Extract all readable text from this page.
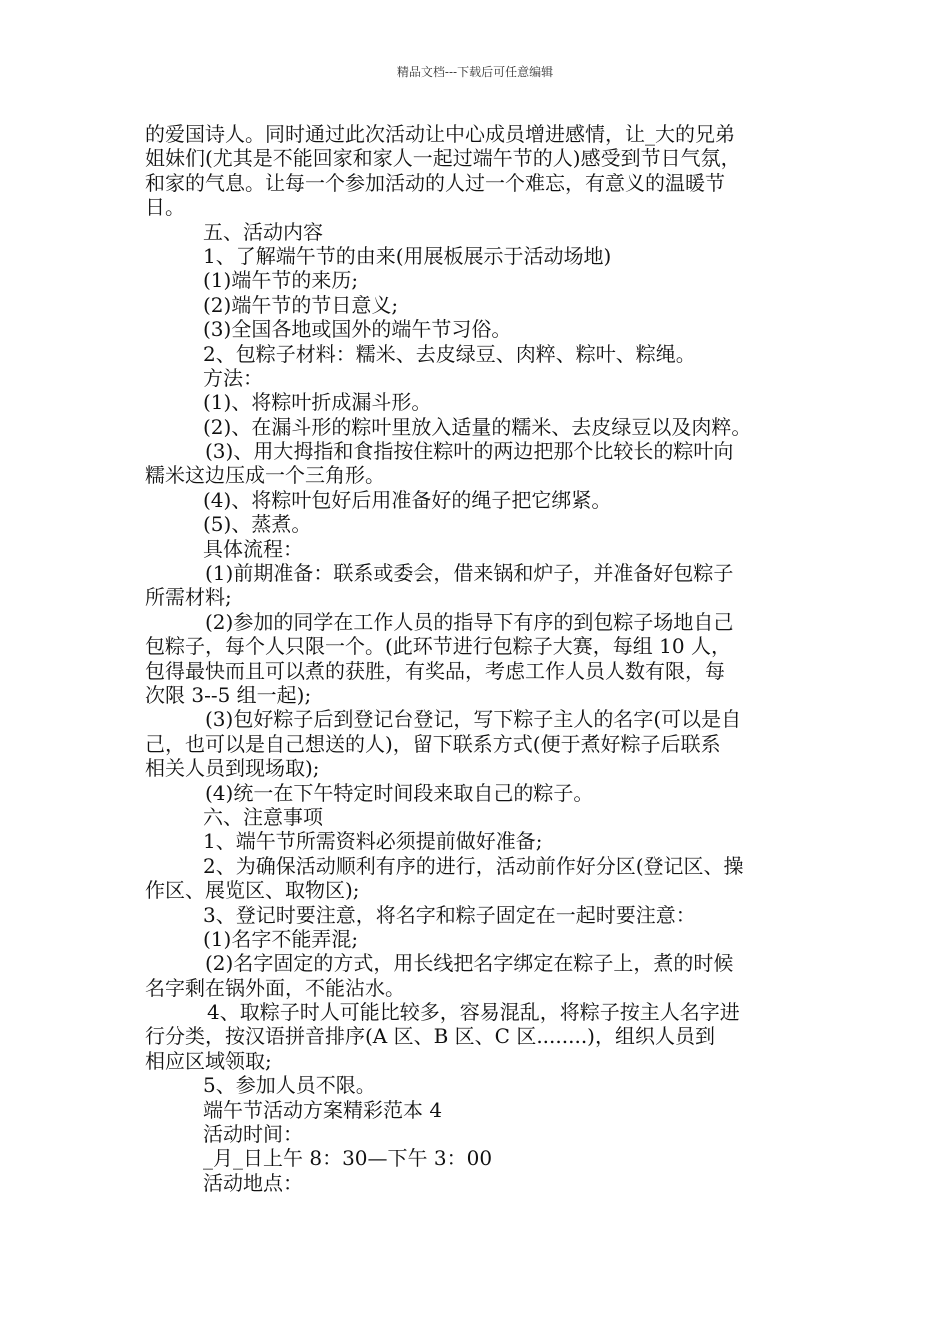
精品文档---下载后可任意编辑
的爱国诗人。同时通过此次活动让中心成员增进感情，让_大的兄弟
姐妹们(尤其是不能回家和家人一起过端午节的人)感受到节日气氛，
和家的气息。让每一个参加活动的人过一个难忘，有意义的温暖节
日。
五、活动内容
1、了解端午节的由来(用展板展示于活动场地)
(1)端午节的来历;
(2)端午节的节日意义;
(3)全国各地或国外的端午节习俗。
2、包粽子材料：糯米、去皮绿豆、肉粹、粽叶、粽绳。
方法：
(1)、将粽叶折成漏斗形。
(2)、在漏斗形的粽叶里放入适量的糯米、去皮绿豆以及肉粹。
(3)、用大拇指和食指按住粽叶的两边把那个比较长的粽叶向
糯米这边压成一个三角形。
(4)、将粽叶包好后用准备好的绳子把它绑紧。
(5)、蒸煮。
具体流程：
(1)前期准备：联系或委会，借来锅和炉子，并准备好包粽子
所需材料;
(2)参加的同学在工作人员的指导下有序的到包粽子场地自己
包粽子，每个人只限一个。(此环节进行包粽子大赛，每组 10 人，
包得最快而且可以煮的获胜，有奖品，考虑工作人员人数有限，每
次限 3--5 组一起);
(3)包好粽子后到登记台登记，写下粽子主人的名字(可以是自
己，也可以是自己想送的人)，留下联系方式(便于煮好粽子后联系
相关人员到现场取);
(4)统一在下午特定时间段来取自己的粽子。
六、注意事项
1、端午节所需资料必须提前做好准备;
2、为确保活动顺利有序的进行，活动前作好分区(登记区、操
作区、展览区、取物区);
3、登记时要注意，将名字和粽子固定在一起时要注意：
(1)名字不能弄混;
(2)名字固定的方式，用长线把名字绑定在粽子上，煮的时候
名字剩在锅外面，不能沾水。
4、取粽子时人可能比较多，容易混乱，将粽子按主人名字进
行分类，按汉语拼音排序(A 区、B 区、C 区........)，组织人员到
相应区域领取;
5、参加人员不限。
端午节活动方案精彩范本 4
活动时间：
_月_日上午 8：30—下午 3：00
活动地点：
